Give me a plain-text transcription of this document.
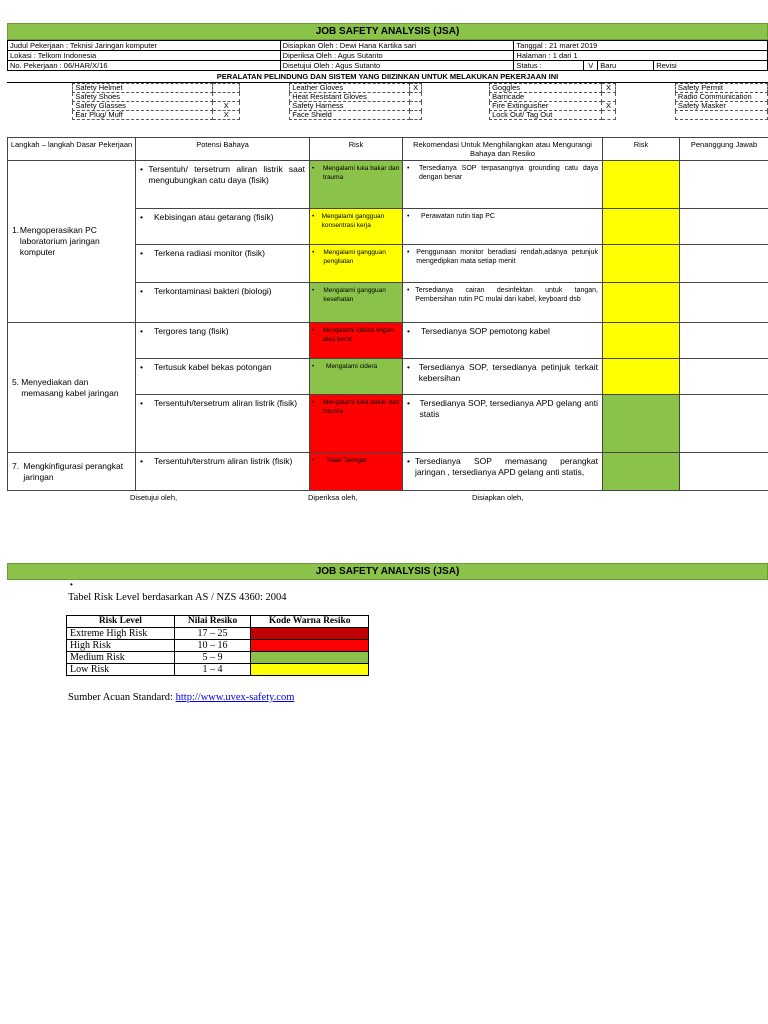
JOB SAFETY ANALYSIS (JSA)
Judul Pekerjaan : Teknisi Jaringan komputer	Disiapkan Oleh : Dewi Hana Kartika sari	Tanggal : 21 maret 2019			
Lokasi : Telkom Indonesia	Diperiksa Oleh : Agus Sutanto	Halaman : 1 dari 1			
No. Pekerjaan : 06/HAR/X/16	Disetujui Oleh : Agus Sutanto	Status :	V	Baru	Revisi
PERALATAN PELINDUNG DAN SISTEM YANG DIIZINKAN UNTUK MELAKUKAN PEKERJAAN INI
	Safety Helmet			Leather Gloves	X		Goggles	X		Safety Permit
	Safety Shoes			Heat Resistant Gloves			Barricade			Radio Communication
	Safety Glasses	X		Safety Harness			Fire Extinguisher	X		Safety Masker
	Ear Plug/ Muff	X		Face Shield			Lock Out/ Tag Out			
Langkah – langkah Dasar Pekerjaan	Potensi Bahaya	Risk	Rekomendasi Untuk Menghilangkan atau Mengurangi Bahaya dan Resiko	Risk	Penanggung Jawab

1. Mengoperasikan PC laboratorium jaringan komputer	• Tersentuh/ tersetrum aliran listrik saat mengubungkan catu daya (fisik)	• Mengalami luka bakar dan trauma	• Tersedianya SOP terpasangnya grounding catu daya dengan benar		

	• Kebisingan atau getarang (fisik)	• Mengalami gangguan konsentrasi kerja	• Perawatan rutin tiap PC		

	• Terkena radiasi monitor (fisik)	• Mengalami gangguan pengliatan	• Penggunaan monitor beradiasi rendah,adanya petunjuk mengedipkan mata setiap menit		

	• Terkontaminasi bakteri (biologi)	• Mengalami gangguan kesehatan	• Tersedianya cairan desinfektan untuk tangan, Pembersihan rutin PC mulai dari kabel, keyboard dsb		

5. Menyediakan dan memasang kabel jaringan	• Tergores tang (fisik)	• Mengalami cidera ringan atau berat	• Tersedianya SOP pemotong kabel		

	• Tertusuk kabel bekas potongan	• Mengalami cidera	• Tersedianya SOP, tersedianya petinjuk terkait kebersihan		

	• Tersentuh/tersetrum aliran listrik (fisik)	• Mengalami luka bakar dan trauma	• Tersedianya SOP, tersedianya APD gelang anti statis		

7. Mengkinfigurasi perangkat jaringan	• Tersentuh/terstrum aliran listrik (fisik)	• Tidak Teringat	• Tersedianya SOP memasang perangkat jaringan , tersedianya APD gelang anti statis,		

Disetujui oleh,	Diperiksa oleh,	Disiapkan oleh,
JOB SAFETY ANALYSIS (JSA)
•
Tabel Risk Level berdasarkan AS / NZS 4360: 2004
Risk Level	Nilai Resiko	Kode Warna Resiko
Extreme High Risk	17 – 25	
High Risk	10 – 16	
Medium Risk	5 – 9	
Low Risk	1 – 4	
Sumber Acuan Standard: http://www.uvex-safety.com
